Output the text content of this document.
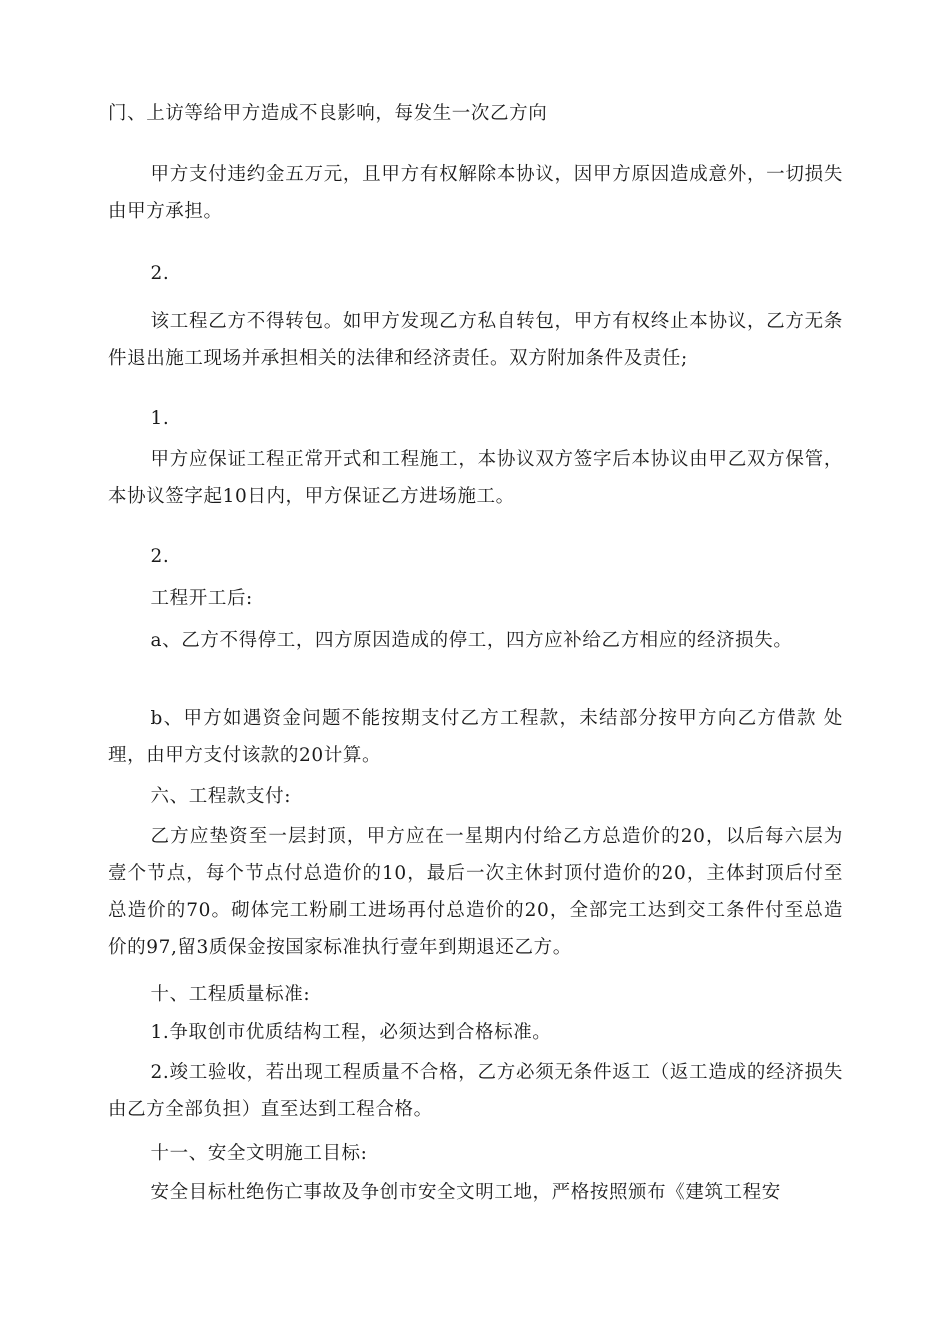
门、上访等给甲方造成不良影响，每发生一次乙方向

甲方支付违约金五万元，且甲方有权解除本协议，因甲方原因造成意外，一切损失由甲方承担。

2.

该工程乙方不得转包。如甲方发现乙方私自转包，甲方有权终止本协议，乙方无条件退出施工现场并承担相关的法律和经济责任。双方附加条件及责任;

1.

甲方应保证工程正常开式和工程施工，本协议双方签字后本协议由甲乙双方保管，本协议签字起10日内，甲方保证乙方进场施工。

2.

工程开工后:

a、乙方不得停工，四方原因造成的停工，四方应补给乙方相应的经济损失。

b、甲方如遇资金问题不能按期支付乙方工程款，未结部分按甲方向乙方借款 处理，由甲方支付该款的20计算。

六、工程款支付:

乙方应垫资至一层封顶，甲方应在一星期内付给乙方总造价的20，以后每六层为壹个节点，每个节点付总造价的10，最后一次主休封顶付造价的20，主体封顶后付至总造价的70。砌体完工粉刷工进场再付总造价的20，全部完工达到交工条件付至总造价的97,留3质保金按国家标准执行壹年到期退还乙方。

十、工程质量标准:

1.争取创市优质结构工程，必须达到合格标准。

2.竣工验收，若出现工程质量不合格，乙方必须无条件返工（返工造成的经济损失由乙方全部负担）直至达到工程合格。

十一、安全文明施工目标:

安全目标杜绝伤亡事故及争创市安全文明工地，严格按照颁布《建筑工程安
